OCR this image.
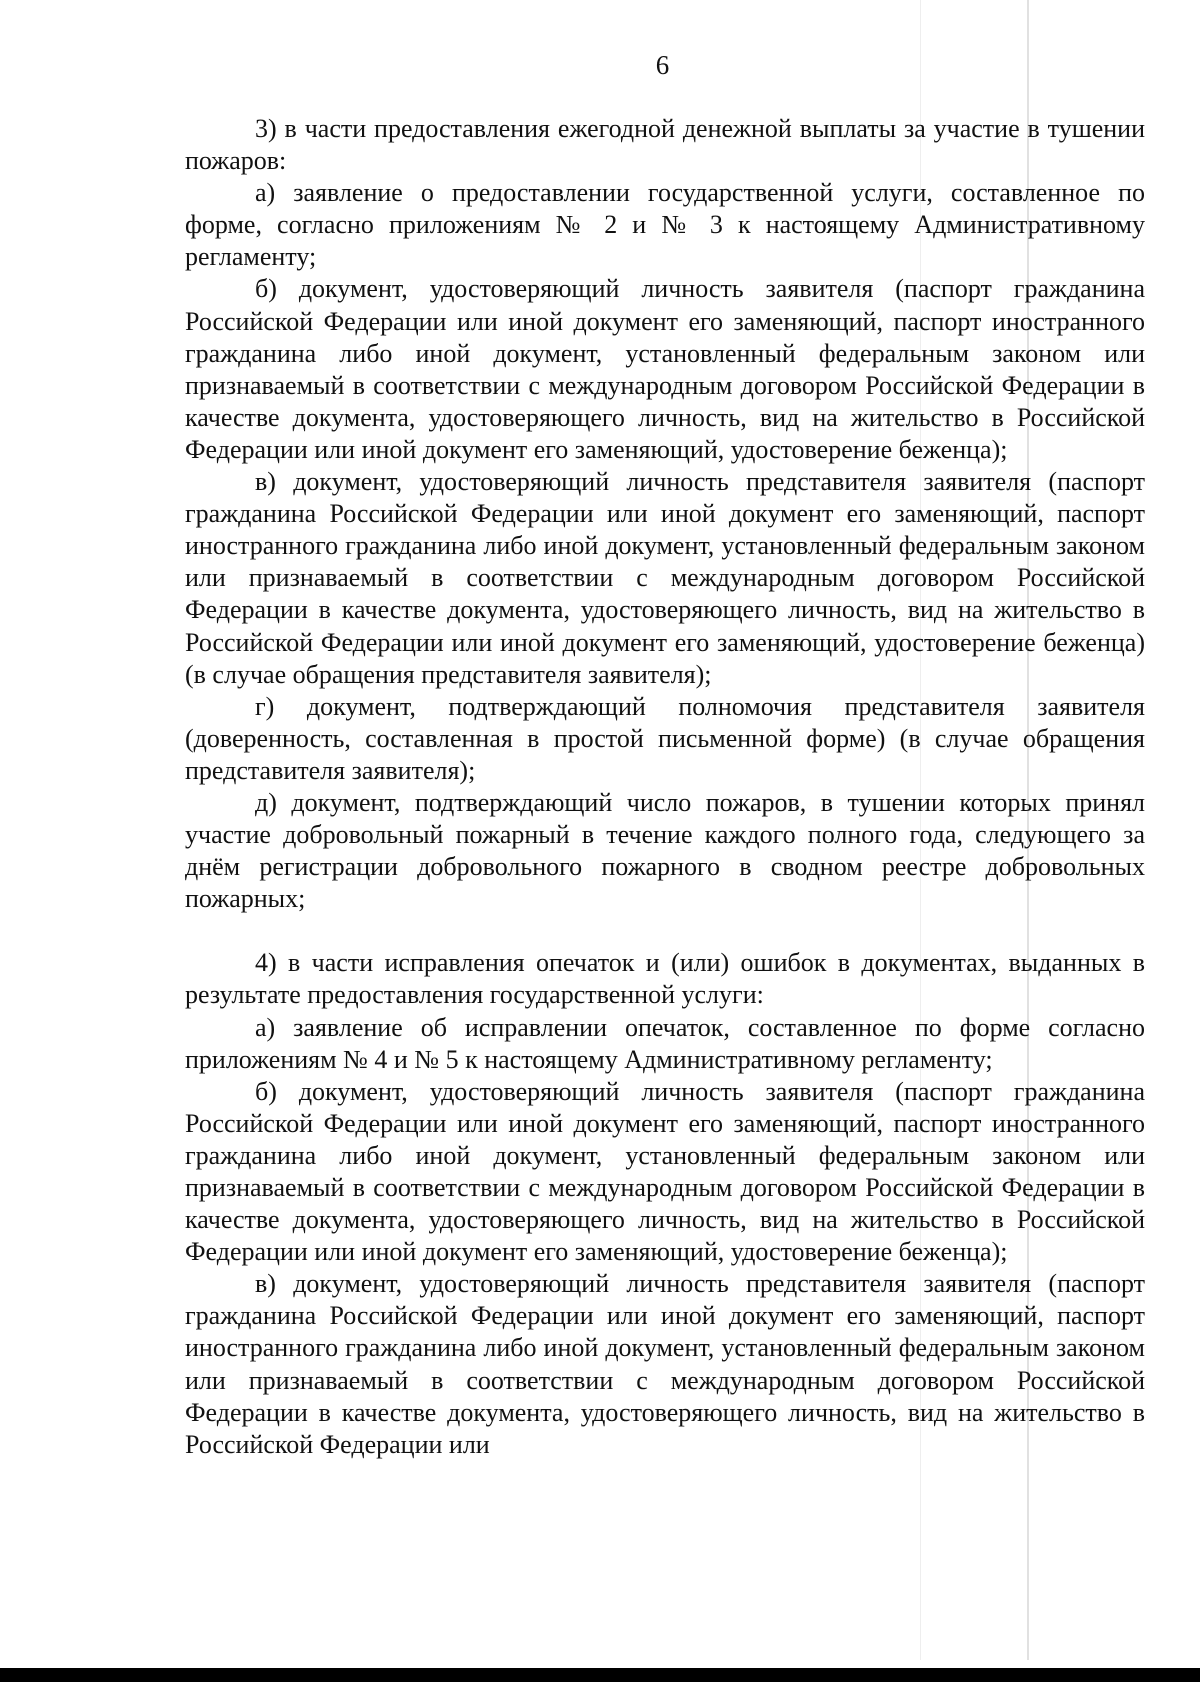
6

3) в части предоставления ежегодной денежной выплаты за участие в тушении пожаров:

а) заявление о предоставлении государственной услуги, составленное по форме, согласно приложениям № 2 и № 3 к настоящему Административному регламенту;

б) документ, удостоверяющий личность заявителя (паспорт гражданина Российской Федерации или иной документ его заменяющий, паспорт иностранного гражданина либо иной документ, установленный федеральным законом или признаваемый в соответствии с международным договором Российской Федерации в качестве документа, удостоверяющего личность, вид на жительство в Российской Федерации или иной документ его заменяющий, удостоверение беженца);

в) документ, удостоверяющий личность представителя заявителя (паспорт гражданина Российской Федерации или иной документ его заменяющий, паспорт иностранного гражданина либо иной документ, установленный федеральным законом или признаваемый в соответствии с международным договором Российской Федерации в качестве документа, удостоверяющего личность, вид на жительство в Российской Федерации или иной документ его заменяющий, удостоверение беженца) (в случае обращения представителя заявителя);

г) документ, подтверждающий полномочия представителя заявителя (доверенность, составленная в простой письменной форме) (в случае обращения представителя заявителя);

д) документ, подтверждающий число пожаров, в тушении которых принял участие добровольный пожарный в течение каждого полного года, следующего за днём регистрации добровольного пожарного в сводном реестре добровольных пожарных;

4) в части исправления опечаток и (или) ошибок в документах, выданных в результате предоставления государственной услуги:

а) заявление об исправлении опечаток, составленное по форме согласно приложениям № 4 и № 5 к настоящему Административному регламенту;

б) документ, удостоверяющий личность заявителя (паспорт гражданина Российской Федерации или иной документ его заменяющий, паспорт иностранного гражданина либо иной документ, установленный федеральным законом или признаваемый в соответствии с международным договором Российской Федерации в качестве документа, удостоверяющего личность, вид на жительство в Российской Федерации или иной документ его заменяющий, удостоверение беженца);

в) документ, удостоверяющий личность представителя заявителя (паспорт гражданина Российской Федерации или иной документ его заменяющий, паспорт иностранного гражданина либо иной документ, установленный федеральным законом или признаваемый в соответствии с международным договором Российской Федерации в качестве документа, удостоверяющего личность, вид на жительство в Российской Федерации или
